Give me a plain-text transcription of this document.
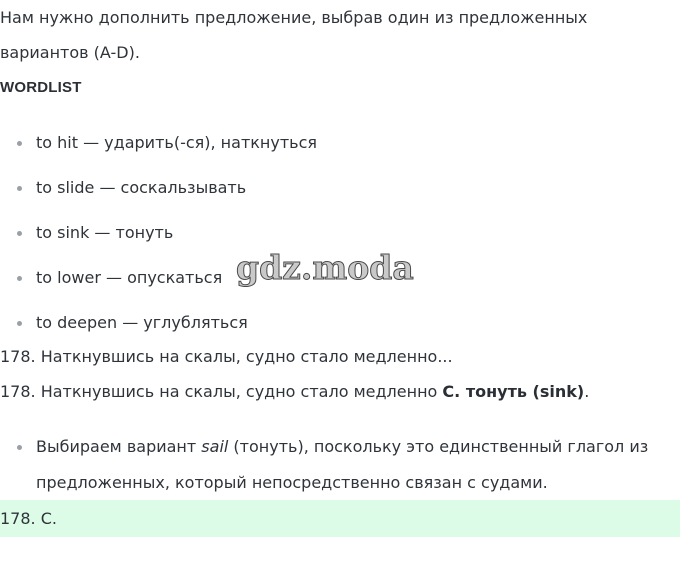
Нам нужно дополнить предложение, выбрав один из предложенных
вариантов (A-D).
WORDLIST
to hit — ударить(-ся), наткнуться
to slide — соскальзывать
to sink — тонуть
to lower — опускаться
to deepen — углубляться
gdz.moda
178. Наткнувшись на скалы, судно стало медленно...
178. Наткнувшись на скалы, судно стало медленно C. тонуть (sink).
Выбираем вариант sail (тонуть), поскольку это единственный глагол из
предложенных, который непосредственно связан с судами.
178. C.
